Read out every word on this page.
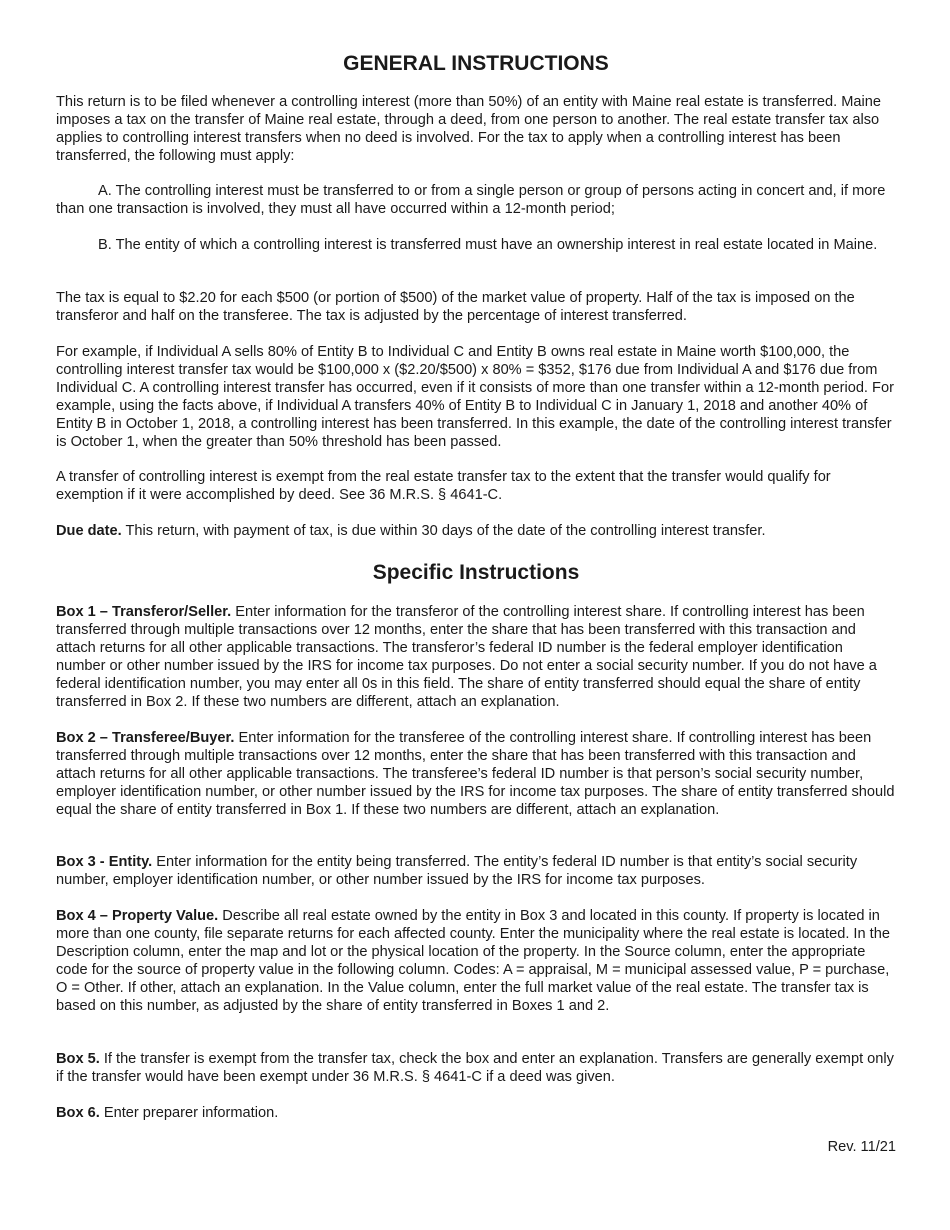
GENERAL INSTRUCTIONS

This return is to be filed whenever a controlling interest (more than 50%) of an entity with Maine real estate is transferred. Maine imposes a tax on the transfer of Maine real estate, through a deed, from one person to another. The real estate transfer tax also applies to controlling interest transfers when no deed is involved. For the tax to apply when a controlling interest has been transferred, the following must apply:

A. The controlling interest must be transferred to or from a single person or group of persons acting in concert and, if more than one transaction is involved, they must all have occurred within a 12-month period;

B. The entity of which a controlling interest is transferred must have an ownership interest in real estate located in Maine.

The tax is equal to $2.20 for each $500 (or portion of $500) of the market value of property. Half of the tax is imposed on the transferor and half on the transferee. The tax is adjusted by the percentage of interest transferred.

For example, if Individual A sells 80% of Entity B to Individual C and Entity B owns real estate in Maine worth $100,000, the controlling interest transfer tax would be $100,000 x ($2.20/$500) x 80% = $352, $176 due from Individual A and $176 due from Individual C. A controlling interest transfer has occurred, even if it consists of more than one transfer within a 12-month period. For example, using the facts above, if Individual A transfers 40% of Entity B to Individual C in January 1, 2018 and another 40% of Entity B in October 1, 2018, a controlling interest has been transferred. In this example, the date of the controlling interest transfer is October 1, when the greater than 50% threshold has been passed.

A transfer of controlling interest is exempt from the real estate transfer tax to the extent that the transfer would qualify for exemption if it were accomplished by deed. See 36 M.R.S. § 4641-C.

Due date. This return, with payment of tax, is due within 30 days of the date of the controlling interest transfer.

Specific Instructions

Box 1 – Transferor/Seller. Enter information for the transferor of the controlling interest share. If controlling interest has been transferred through multiple transactions over 12 months, enter the share that has been transferred with this transaction and attach returns for all other applicable transactions. The transferor’s federal ID number is the federal employer identification number or other number issued by the IRS for income tax purposes. Do not enter a social security number. If you do not have a federal identification number, you may enter all 0s in this field. The share of entity transferred should equal the share of entity transferred in Box 2. If these two numbers are different, attach an explanation.

Box 2 – Transferee/Buyer. Enter information for the transferee of the controlling interest share. If controlling interest has been transferred through multiple transactions over 12 months, enter the share that has been transferred with this transaction and attach returns for all other applicable transactions. The transferee’s federal ID number is that person’s social security number, employer identification number, or other number issued by the IRS for income tax purposes. The share of entity transferred should equal the share of entity transferred in Box 1. If these two numbers are different, attach an explanation.

Box 3 - Entity. Enter information for the entity being transferred. The entity’s federal ID number is that entity’s social security number, employer identification number, or other number issued by the IRS for income tax purposes.

Box 4 – Property Value. Describe all real estate owned by the entity in Box 3 and located in this county. If property is located in more than one county, file separate returns for each affected county. Enter the municipality where the real estate is located. In the Description column, enter the map and lot or the physical location of the property. In the Source column, enter the appropriate code for the source of property value in the following column. Codes: A = appraisal, M = municipal assessed value, P = purchase, O = Other. If other, attach an explanation. In the Value column, enter the full market value of the real estate. The transfer tax is based on this number, as adjusted by the share of entity transferred in Boxes 1 and 2.

Box 5. If the transfer is exempt from the transfer tax, check the box and enter an explanation. Transfers are generally exempt only if the transfer would have been exempt under 36 M.R.S. § 4641-C if a deed was given.

Box 6. Enter preparer information.

Rev. 11/21
